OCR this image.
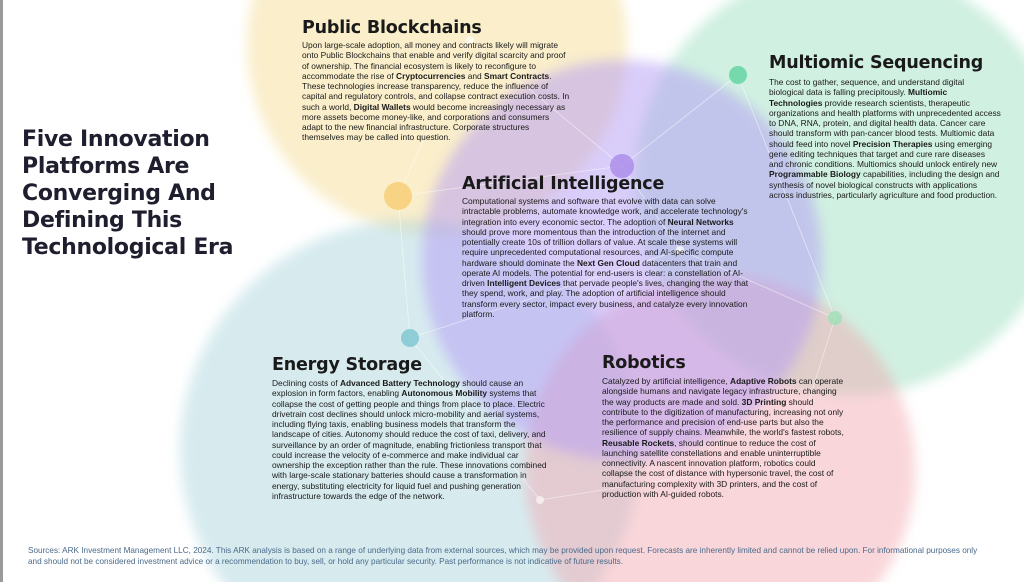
Five Innovation Platforms Are Converging And Defining This Technological Era
Public Blockchains

Upon large-scale adoption, all money and contracts likely will migrate onto Public Blockchains that enable and verify digital scarcity and proof of ownership. The financial ecosystem is likely to reconfigure to accommodate the rise of Cryptocurrencies and Smart Contracts. These technologies increase transparency, reduce the influence of capital and regulatory controls, and collapse contract execution costs. In such a world, Digital Wallets would become increasingly necessary as more assets become money-like, and corporations and consumers adapt to the new financial infrastructure. Corporate structures themselves may be called into question.

Multiomic Sequencing

The cost to gather, sequence, and understand digital biological data is falling precipitously. Multiomic Technologies provide research scientists, therapeutic organizations and health platforms with unprecedented access to DNA, RNA, protein, and digital health data. Cancer care should transform with pan-cancer blood tests. Multiomic data should feed into novel Precision Therapies using emerging gene editing techniques that target and cure rare diseases and chronic conditions. Multiomics should unlock entirely new Programmable Biology capabilities, including the design and synthesis of novel biological constructs with applications across industries, particularly agriculture and food production.

Artificial Intelligence

Computational systems and software that evolve with data can solve intractable problems, automate knowledge work, and accelerate technology's integration into every economic sector. The adoption of Neural Networks should prove more momentous than the introduction of the internet and potentially create 10s of trillion dollars of value. At scale these systems will require unprecedented computational resources, and AI-specific compute hardware should dominate the Next Gen Cloud datacenters that train and operate AI models. The potential for end-users is clear: a constellation of AI-driven Intelligent Devices that pervade people's lives, changing the way that they spend, work, and play. The adoption of artificial intelligence should transform every sector, impact every business, and catalyze every innovation platform.

Energy Storage

Declining costs of Advanced Battery Technology should cause an explosion in form factors, enabling Autonomous Mobility systems that collapse the cost of getting people and things from place to place. Electric drivetrain cost declines should unlock micro-mobility and aerial systems, including flying taxis, enabling business models that transform the landscape of cities. Autonomy should reduce the cost of taxi, delivery, and surveillance by an order of magnitude, enabling frictionless transport that could increase the velocity of e-commerce and make individual car ownership the exception rather than the rule. These innovations combined with large-scale stationary batteries should cause a transformation in energy, substituting electricity for liquid fuel and pushing generation infrastructure towards the edge of the network.

Robotics

Catalyzed by artificial intelligence, Adaptive Robots can operate alongside humans and navigate legacy infrastructure, changing the way products are made and sold. 3D Printing should contribute to the digitization of manufacturing, increasing not only the performance and precision of end-use parts but also the resilience of supply chains. Meanwhile, the world's fastest robots, Reusable Rockets, should continue to reduce the cost of launching satellite constellations and enable uninterruptible connectivity. A nascent innovation platform, robotics could collapse the cost of distance with hypersonic travel, the cost of manufacturing complexity with 3D printers, and the cost of production with AI-guided robots.

Sources: ARK Investment Management LLC, 2024. This ARK analysis is based on a range of underlying data from external sources, which may be provided upon request. Forecasts are inherently limited and cannot be relied upon. For informational purposes only and should not be considered investment advice or a recommendation to buy, sell, or hold any particular security. Past performance is not indicative of future results.
